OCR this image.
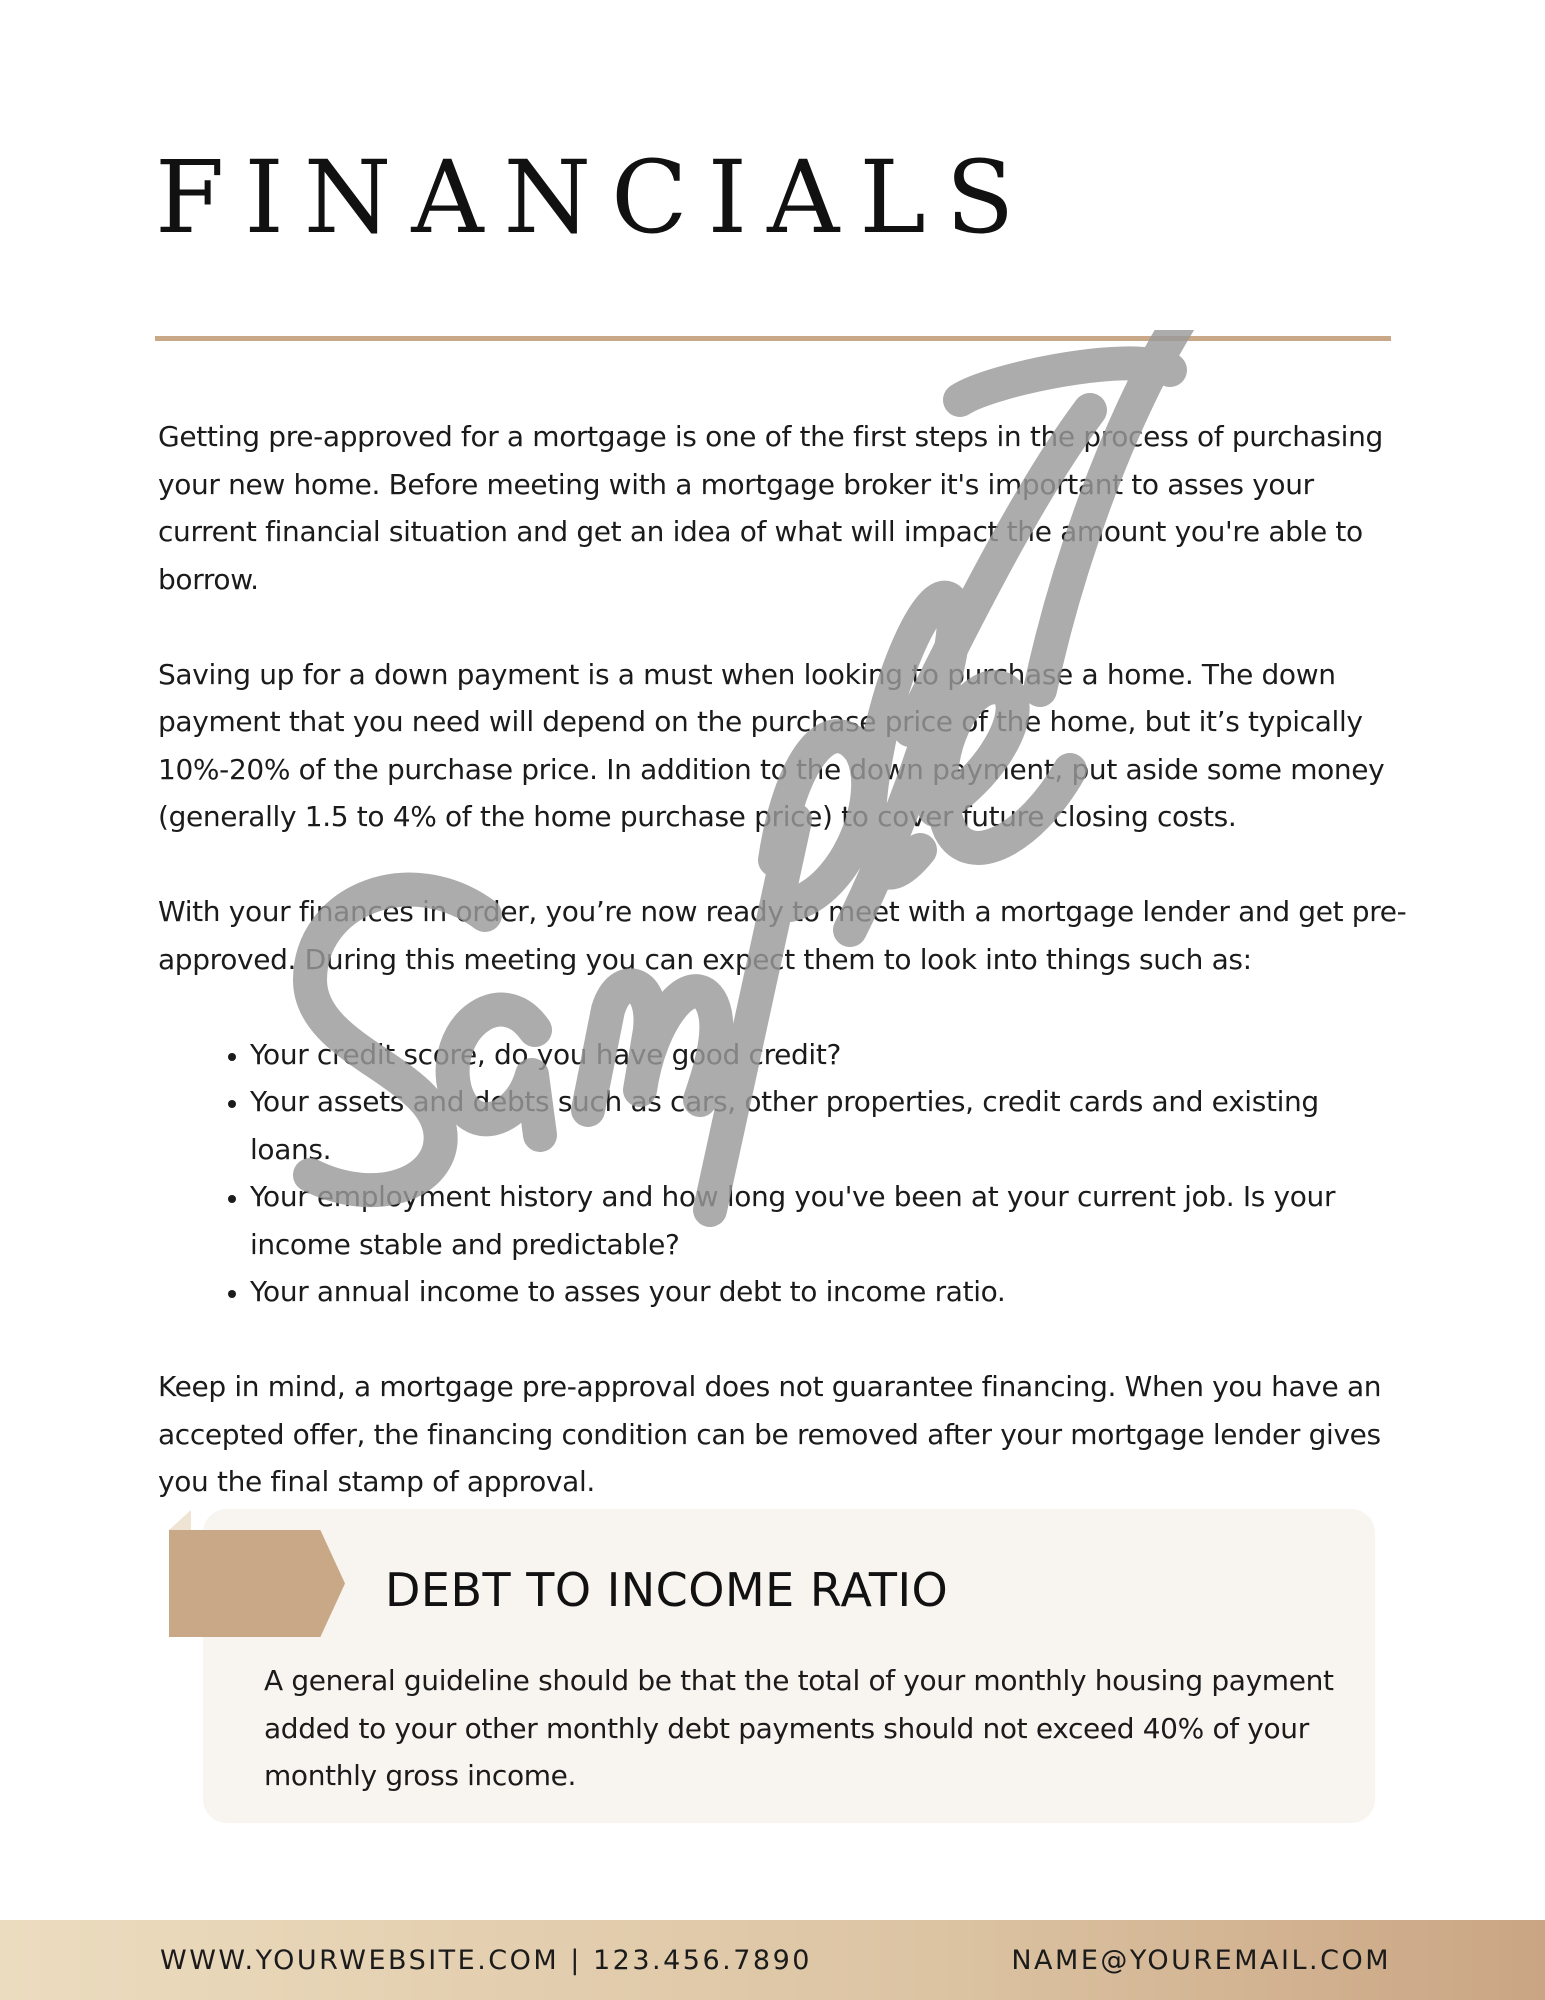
FINANCIALS

Getting pre-approved for a mortgage is one of the first steps in the process of purchasing your new home. Before meeting with a mortgage broker it's important to asses your current financial situation and get an idea of what will impact the amount you're able to borrow.

Saving up for a down payment is a must when looking to purchase a home. The down payment that you need will depend on the purchase price of the home, but it’s typically 10%-20% of the purchase price. In addition to the down payment, put aside some money (generally 1.5 to 4% of the home purchase price) to cover future closing costs.

With your finances in order, you’re now ready to meet with a mortgage lender and get pre-approved. During this meeting you can expect them to look into things such as:

• Your credit score, do you have good credit?
• Your assets and debts such as cars, other properties, credit cards and existing loans.
• Your employment history and how long you've been at your current job. Is your income stable and predictable?
• Your annual income to asses your debt to income ratio.

Keep in mind, a mortgage pre-approval does not guarantee financing. When you have an accepted offer, the financing condition can be removed after your mortgage lender gives you the final stamp of approval.

DEBT TO INCOME RATIO

A general guideline should be that the total of your monthly housing payment added to your other monthly debt payments should not exceed 40% of your monthly gross income.

Sample
WWW.YOURWEBSITE.COM | 123.456.7890	NAME@YOUREMAIL.COM
